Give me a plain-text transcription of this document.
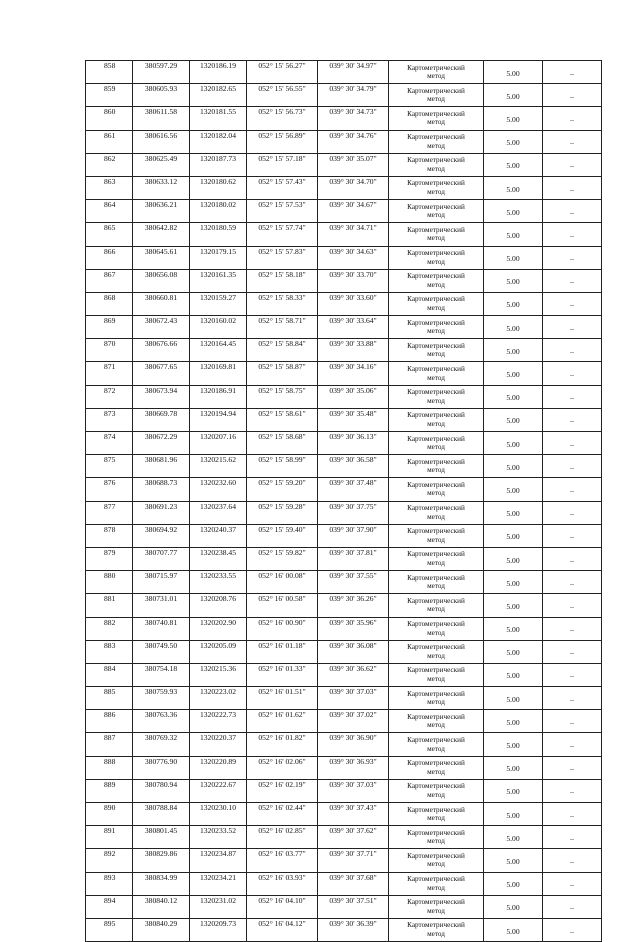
858	380597.29	1320186.19	052° 15' 56.27"	039° 30' 34.97"	Картометрический
метод	5.00	–
859	380605.93	1320182.65	052° 15' 56.55"	039° 30' 34.79"	Картометрический
метод	5.00	–
860	380611.58	1320181.55	052° 15' 56.73"	039° 30' 34.73"	Картометрический
метод	5.00	–
861	380616.56	1320182.04	052° 15' 56.89"	039° 30' 34.76"	Картометрический
метод	5.00	–
862	380625.49	1320187.73	052° 15' 57.18"	039° 30' 35.07"	Картометрический
метод	5.00	–
863	380633.12	1320180.62	052° 15' 57.43"	039° 30' 34.70"	Картометрический
метод	5.00	–
864	380636.21	1320180.02	052° 15' 57.53"	039° 30' 34.67"	Картометрический
метод	5.00	–
865	380642.82	1320180.59	052° 15' 57.74"	039° 30' 34.71"	Картометрический
метод	5.00	–
866	380645.61	1320179.15	052° 15' 57.83"	039° 30' 34.63"	Картометрический
метод	5.00	–
867	380656.08	1320161.35	052° 15' 58.18"	039° 30' 33.70"	Картометрический
метод	5.00	–
868	380660.81	1320159.27	052° 15' 58.33"	039° 30' 33.60"	Картометрический
метод	5.00	–
869	380672.43	1320160.02	052° 15' 58.71"	039° 30' 33.64"	Картометрический
метод	5.00	–
870	380676.66	1320164.45	052° 15' 58.84"	039° 30' 33.88"	Картометрический
метод	5.00	–
871	380677.65	1320169.81	052° 15' 58.87"	039° 30' 34.16"	Картометрический
метод	5.00	–
872	380673.94	1320186.91	052° 15' 58.75"	039° 30' 35.06"	Картометрический
метод	5.00	–
873	380669.78	1320194.94	052° 15' 58.61"	039° 30' 35.48"	Картометрический
метод	5.00	–
874	380672.29	1320207.16	052° 15' 58.68"	039° 30' 36.13"	Картометрический
метод	5.00	–
875	380681.96	1320215.62	052° 15' 58.99"	039° 30' 36.58"	Картометрический
метод	5.00	–
876	380688.73	1320232.60	052° 15' 59.20"	039° 30' 37.48"	Картометрический
метод	5.00	–
877	380691.23	1320237.64	052° 15' 59.28"	039° 30' 37.75"	Картометрический
метод	5.00	–
878	380694.92	1320240.37	052° 15' 59.40"	039° 30' 37.90"	Картометрический
метод	5.00	–
879	380707.77	1320238.45	052° 15' 59.82"	039° 30' 37.81"	Картометрический
метод	5.00	–
880	380715.97	1320233.55	052° 16' 00.08"	039° 30' 37.55"	Картометрический
метод	5.00	–
881	380731.01	1320208.76	052° 16' 00.58"	039° 30' 36.26"	Картометрический
метод	5.00	–
882	380740.81	1320202.90	052° 16' 00.90"	039° 30' 35.96"	Картометрический
метод	5.00	–
883	380749.50	1320205.09	052° 16' 01.18"	039° 30' 36.08"	Картометрический
метод	5.00	–
884	380754.18	1320215.36	052° 16' 01.33"	039° 30' 36.62"	Картометрический
метод	5.00	–
885	380759.93	1320223.02	052° 16' 01.51"	039° 30' 37.03"	Картометрический
метод	5.00	–
886	380763.36	1320222.73	052° 16' 01.62"	039° 30' 37.02"	Картометрический
метод	5.00	–
887	380769.32	1320220.37	052° 16' 01.82"	039° 30' 36.90"	Картометрический
метод	5.00	–
888	380776.90	1320220.89	052° 16' 02.06"	039° 30' 36.93"	Картометрический
метод	5.00	–
889	380780.94	1320222.67	052° 16' 02.19"	039° 30' 37.03"	Картометрический
метод	5.00	–
890	380788.84	1320230.10	052° 16' 02.44"	039° 30' 37.43"	Картометрический
метод	5.00	–
891	380801.45	1320233.52	052° 16' 02.85"	039° 30' 37.62"	Картометрический
метод	5.00	–
892	380829.86	1320234.87	052° 16' 03.77"	039° 30' 37.71"	Картометрический
метод	5.00	–
893	380834.99	1320234.21	052° 16' 03.93"	039° 30' 37.68"	Картометрический
метод	5.00	–
894	380840.12	1320231.02	052° 16' 04.10"	039° 30' 37.51"	Картометрический
метод	5.00	–
895	380840.29	1320209.73	052° 16' 04.12"	039° 30' 36.39"	Картометрический
метод	5.00	–
